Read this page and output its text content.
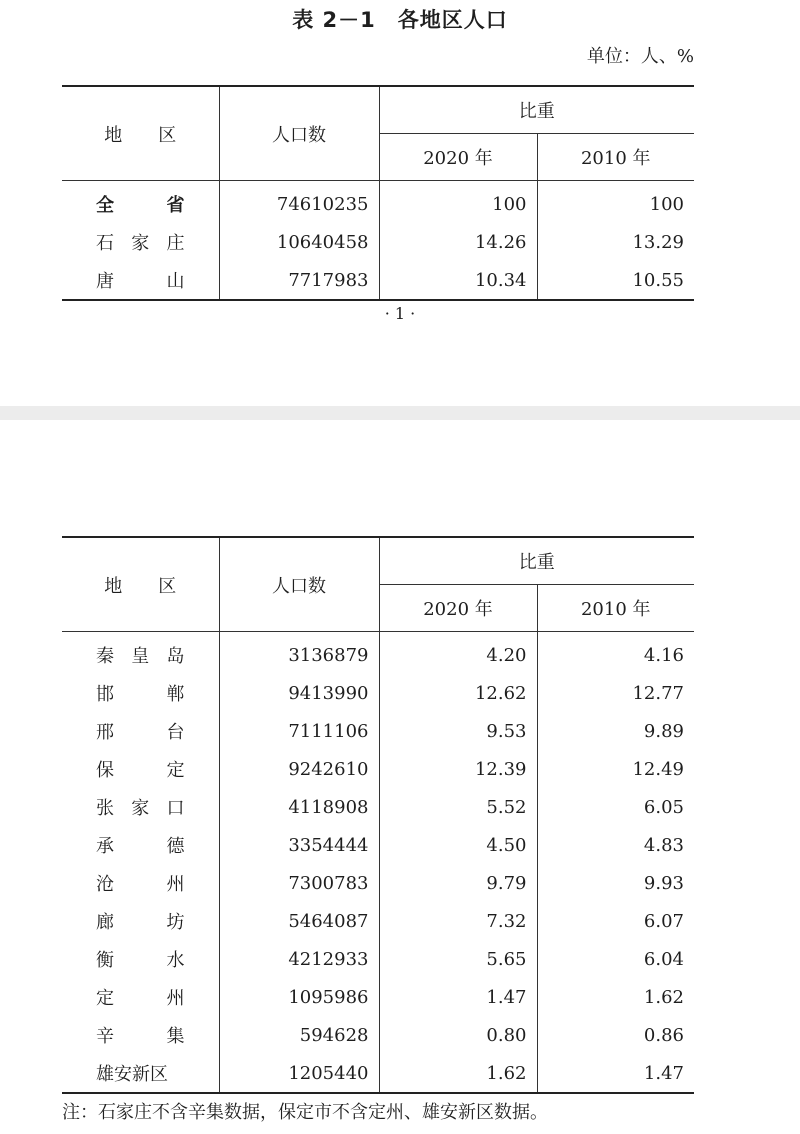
表 2－1　各地区人口

单位：人、%

地　　区	人口数	比重	
		2020 年	2010 年
全省	74610235	100	100
石家庄	10640458	14.26	13.29
唐山	7717983	10.34	10.55

· 1 ·

地　　区	人口数	比重	
		2020 年	2010 年
秦皇岛	3136879	4.20	4.16
邯郸	9413990	12.62	12.77
邢台	7111106	9.53	9.89
保定	9242610	12.39	12.49
张家口	4118908	5.52	6.05
承德	3354444	4.50	4.83
沧州	7300783	9.79	9.93
廊坊	5464087	7.32	6.07
衡水	4212933	5.65	6.04
定州	1095986	1.47	1.62
辛集	594628	0.80	0.86
雄安新区	1205440	1.62	1.47

注：石家庄不含辛集数据，保定市不含定州、雄安新区数据。
